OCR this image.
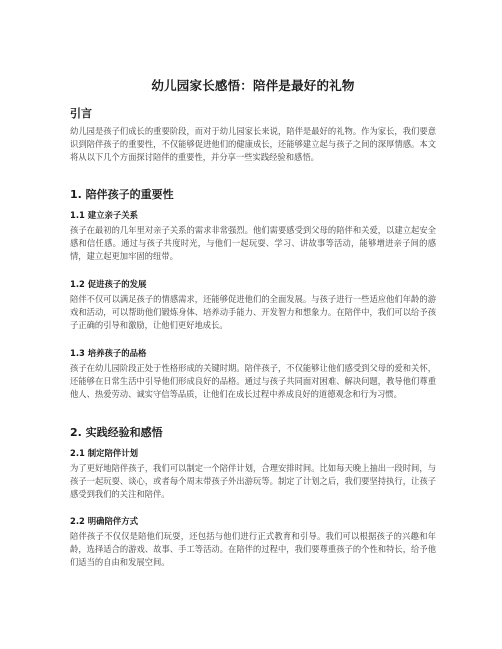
幼儿园家长感悟：陪伴是最好的礼物
引言

幼儿园是孩子们成长的重要阶段，而对于幼儿园家长来说，陪伴是最好的礼物。作为家长，我们要意识到陪伴孩子的重要性，不仅能够促进他们的健康成长，还能够建立起与孩子之间的深厚情感。本文将从以下几个方面探讨陪伴的重要性，并分享一些实践经验和感悟。

1. 陪伴孩子的重要性
1.1 建立亲子关系

孩子在最初的几年里对亲子关系的需求非常强烈。他们需要感受到父母的陪伴和关爱，以建立起安全感和信任感。通过与孩子共度时光，与他们一起玩耍、学习、讲故事等活动，能够增进亲子间的感情，建立起更加牢固的纽带。

1.2 促进孩子的发展

陪伴不仅可以满足孩子的情感需求，还能够促进他们的全面发展。与孩子进行一些适应他们年龄的游戏和活动，可以帮助他们锻炼身体、培养动手能力、开发智力和想象力。在陪伴中，我们可以给予孩子正确的引导和激励，让他们更好地成长。

1.3 培养孩子的品格

孩子在幼儿园阶段正处于性格形成的关键时期。陪伴孩子，不仅能够让他们感受到父母的爱和关怀，还能够在日常生活中引导他们形成良好的品格。通过与孩子共同面对困难、解决问题，教导他们尊重他人、热爱劳动、诚实守信等品质，让他们在成长过程中养成良好的道德观念和行为习惯。

2. 实践经验和感悟
2.1 制定陪伴计划

为了更好地陪伴孩子，我们可以制定一个陪伴计划，合理安排时间。比如每天晚上抽出一段时间，与孩子一起玩耍、谈心，或者每个周末带孩子外出游玩等。制定了计划之后，我们要坚持执行，让孩子感受到我们的关注和陪伴。

2.2 明确陪伴方式

陪伴孩子不仅仅是陪他们玩耍，还包括与他们进行正式教育和引导。我们可以根据孩子的兴趣和年龄，选择适合的游戏、故事、手工等活动。在陪伴的过程中，我们要尊重孩子的个性和特长，给予他们适当的自由和发展空间。
